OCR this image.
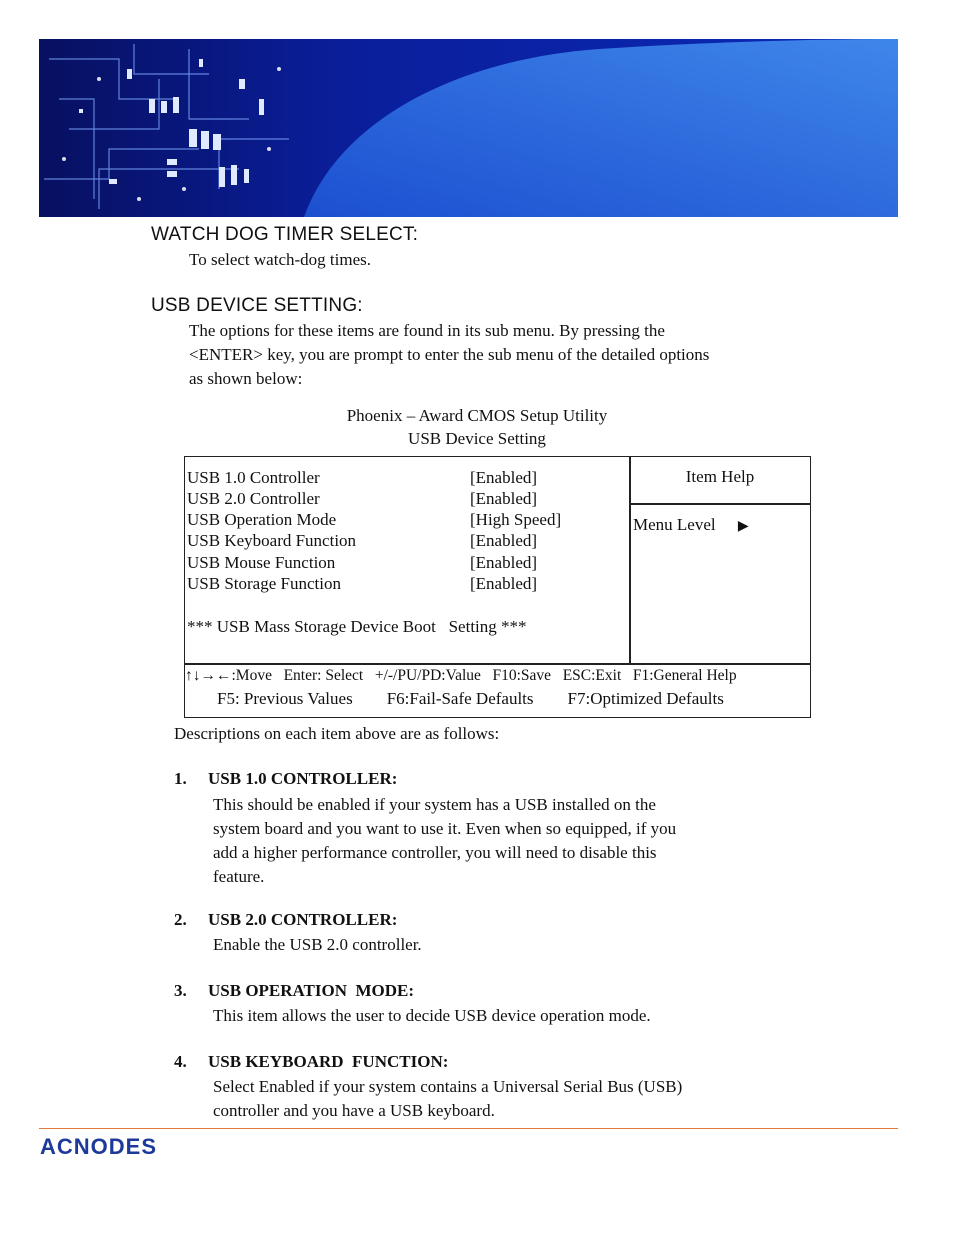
WATCH DOG TIMER SELECT:
To select watch-dog times.
USB DEVICE SETTING:
The options for these items are found in its sub menu. By pressing the
<ENTER> key, you are prompt to enter the sub menu of the detailed options
as shown below:
Phoenix – Award CMOS Setup Utility
USB Device Setting
USB 1.0 Controller	[Enabled]
USB 2.0 Controller	[Enabled]
USB Operation Mode	[High Speed]
USB Keyboard Function	[Enabled]
USB Mouse Function	[Enabled]
USB Storage Function	[Enabled]
*** USB Mass Storage Device Boot   Setting ***
Item Help
Menu Level ▶
↑↓→←:Move   Enter: Select   +/-/PU/PD:Value   F10:Save   ESC:Exit   F1:General Help
F5: Previous Values        F6:Fail-Safe Defaults        F7:Optimized Defaults
Descriptions on each item above are as follows:
1. USB 1.0 CONTROLLER:
This should be enabled if your system has a USB installed on the
system board and you want to use it. Even when so equipped, if you
add a higher performance controller, you will need to disable this
feature.
2. USB 2.0 CONTROLLER:
Enable the USB 2.0 controller.
3. USB OPERATION  MODE:
This item allows the user to decide USB device operation mode.
4. USB KEYBOARD  FUNCTION:
Select Enabled if your system contains a Universal Serial Bus (USB)
controller and you have a USB keyboard.
ACNODES
